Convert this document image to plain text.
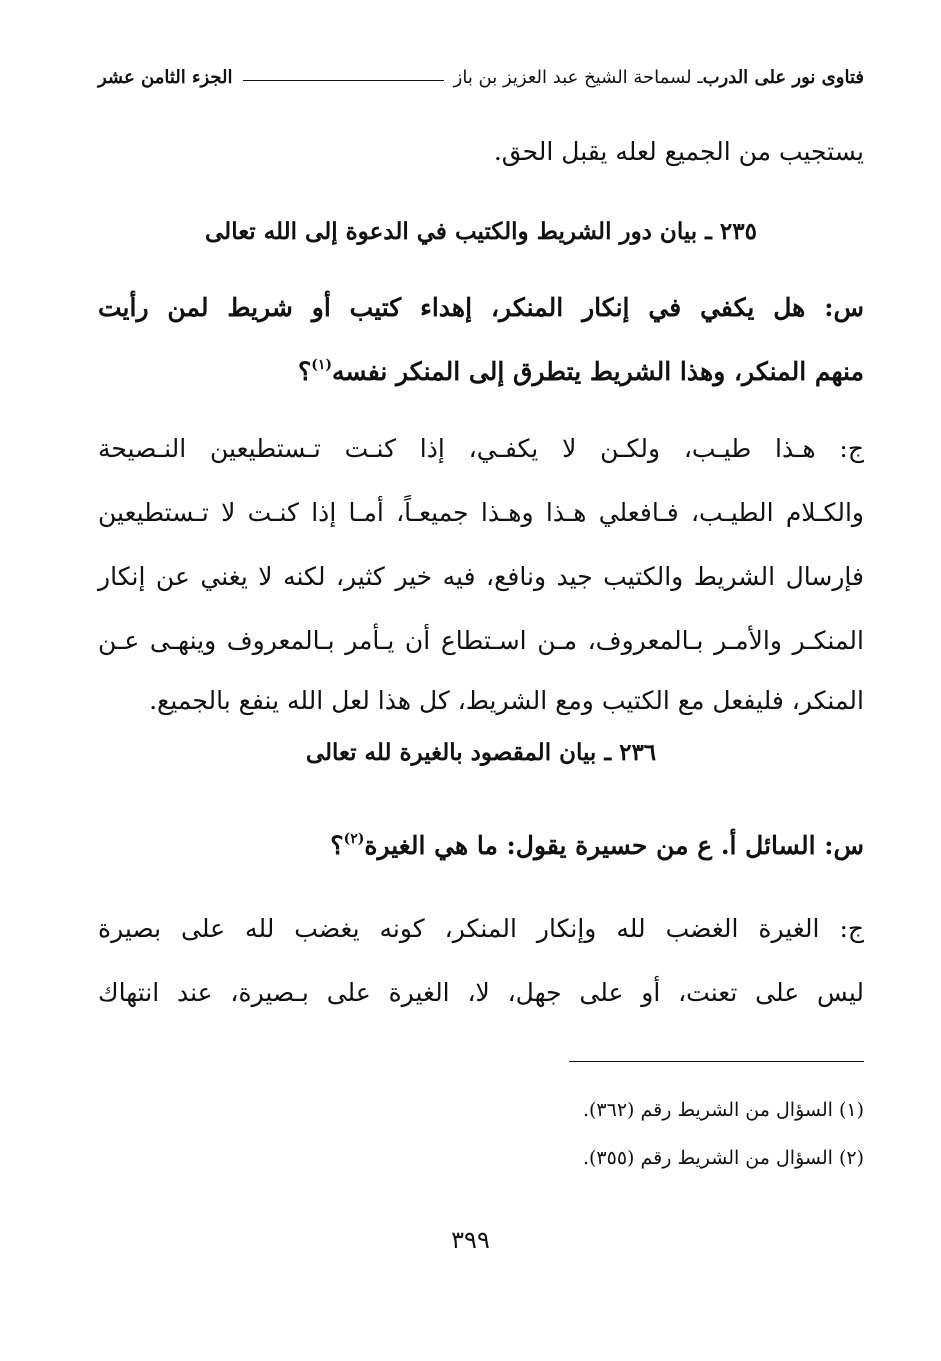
فتاوى نور على الدرب
ـ لسماحة الشيخ عبد العزيز بن باز
الجزء الثامن عشر
يستجيب من الجميع لعله يقبل الحق.
٢٣٥ ـ بيان دور الشريط والكتيب في الدعوة إلى الله تعالى
س: هل يكفي في إنكار المنكر، إهداء كتيب أو شريط لمن رأيت
منهم المنكر، وهذا الشريط يتطرق إلى المنكر نفسه$^{(١)}$؟
ج: هـذا طيـب، ولكـن لا يكفـي، إذا كنـت تـستطيعين النـصيحة
والكـلام الطيـب، فـافعلي هـذا وهـذا جميعـاً، أمـا إذا كنـت لا تـستطيعين
فإرسال الشريط والكتيب جيد ونافع، فيه خير كثير، لكنه لا يغني عن إنكار
المنكـر والأمـر بـالمعروف، مـن اسـتطاع أن يـأمر بـالمعروف وينهـى عـن
المنكر، فليفعل مع الكتيب ومع الشريط، كل هذا لعل الله ينفع بالجميع.
٢٣٦ ـ بيان المقصود بالغيرة لله تعالى
س: السائل أ. ع من حسيرة يقول: ما هي الغيرة$^{(٢)}$؟
ج: الغيرة الغضب لله وإنكار المنكر، كونه يغضب لله على بصيرة
ليس على تعنت، أو على جهل، لا، الغيرة على بـصيرة، عند انتهاك
(١) السؤال من الشريط رقم (٣٦٢).
(٢) السؤال من الشريط رقم (٣٥٥).
٣٩٩
